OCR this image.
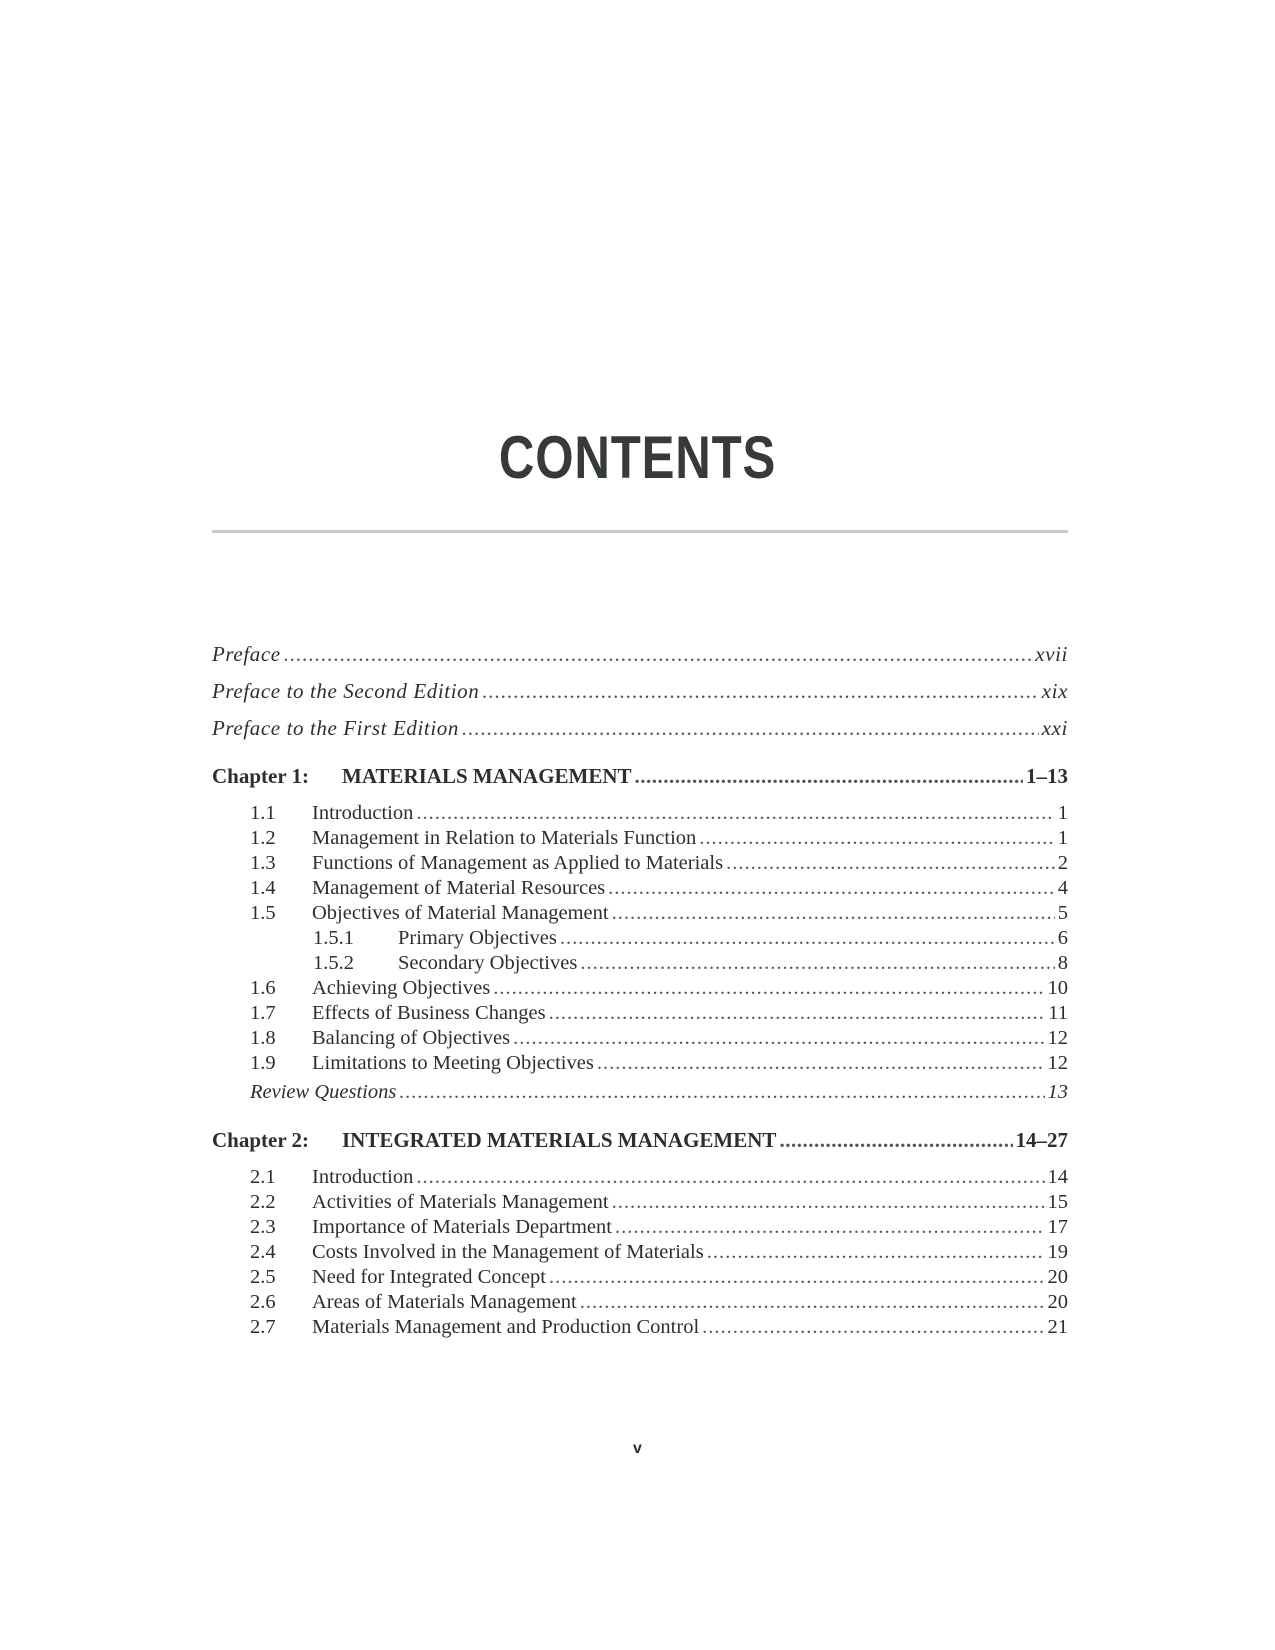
CONTENTS
Preface .....	xvii
Preface to the Second Edition .....	xix
Preface to the First Edition .....	xxi
Chapter 1: MATERIALS MANAGEMENT .....	1–13
1.1 Introduction .....	1
1.2 Management in Relation to Materials Function .....	1
1.3 Functions of Management as Applied to Materials .....	2
1.4 Management of Material Resources .....	4
1.5 Objectives of Material Management .....	5
1.5.1 Primary Objectives .....	6
1.5.2 Secondary Objectives .....	8
1.6 Achieving Objectives .....	10
1.7 Effects of Business Changes .....	11
1.8 Balancing of Objectives .....	12
1.9 Limitations to Meeting Objectives .....	12
Review Questions .....	13
Chapter 2: INTEGRATED MATERIALS MANAGEMENT .....	14–27
2.1 Introduction .....	14
2.2 Activities of Materials Management .....	15
2.3 Importance of Materials Department .....	17
2.4 Costs Involved in the Management of Materials .....	19
2.5 Need for Integrated Concept .....	20
2.6 Areas of Materials Management .....	20
2.7 Materials Management and Production Control .....	21
v
